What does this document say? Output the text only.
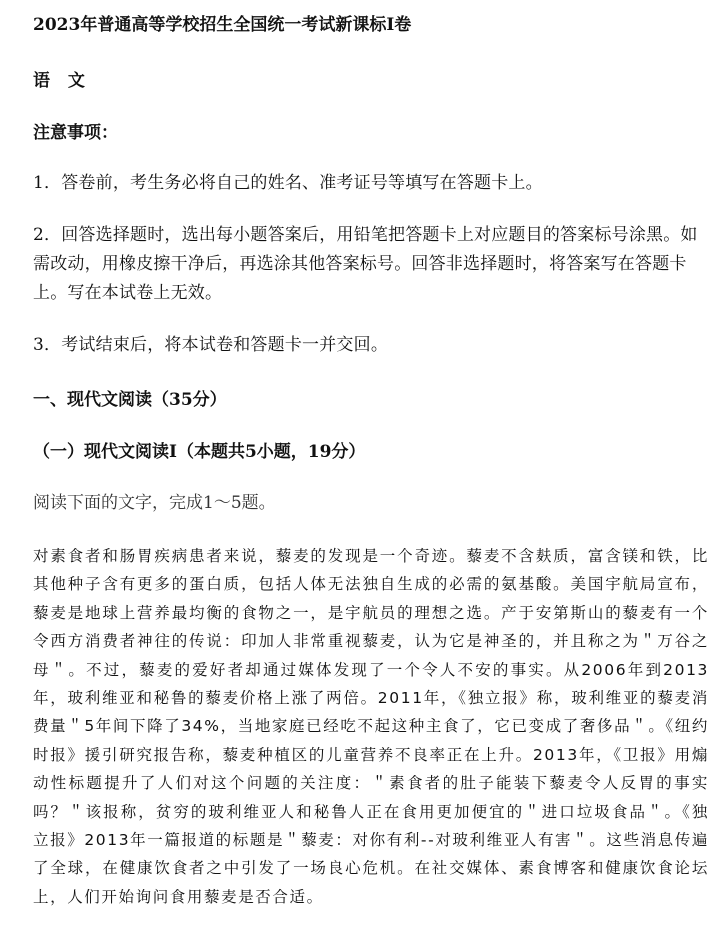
2023年普通高等学校招生全国统一考试新课标I卷
语 文
注意事项：

1．答卷前，考生务必将自己的姓名、准考证号等填写在答题卡上。

2．回答选择题时，选出每小题答案后，用铅笔把答题卡上对应题目的答案标号涂黑。如需改动，用橡皮擦干净后，再选涂其他答案标号。回答非选择题时，将答案写在答题卡上。写在本试卷上无效。

3．考试结束后，将本试卷和答题卡一并交回。

一、现代文阅读（35分）
（一）现代文阅读I（本题共5小题，19分）
阅读下面的文字，完成1～5题。

对素食者和肠胃疾病患者来说，藜麦的发现是一个奇迹。藜麦不含麸质，富含镁和铁，比其他种子含有更多的蛋白质，包括人体无法独自生成的必需的氨基酸。美国宇航局宣布，藜麦是地球上营养最均衡的食物之一，是宇航员的理想之选。产于安第斯山的藜麦有一个令西方消费者神往的传说：印加人非常重视藜麦，认为它是神圣的，并且称之为＂万谷之母＂。不过，藜麦的爱好者却通过媒体发现了一个令人不安的事实。从2006年到2013年，玻利维亚和秘鲁的藜麦价格上涨了两倍。2011年，《独立报》称，玻利维亚的藜麦消费量＂5年间下降了34%，当地家庭已经吃不起这种主食了，它已变成了奢侈品＂。《纽约时报》援引研究报告称，藜麦种植区的儿童营养不良率正在上升。2013年，《卫报》用煽动性标题提升了人们对这个问题的关注度：＂素食者的肚子能装下藜麦令人反胃的事实吗？＂该报称，贫穷的玻利维亚人和秘鲁人正在食用更加便宜的＂进口垃圾食品＂。《独立报》2013年一篇报道的标题是＂藜麦：对你有利--对玻利维亚人有害＂。这些消息传遍了全球，在健康饮食者之中引发了一场良心危机。在社交媒体、素食博客和健康饮食论坛上，人们开始询问食用藜麦是否合适。
